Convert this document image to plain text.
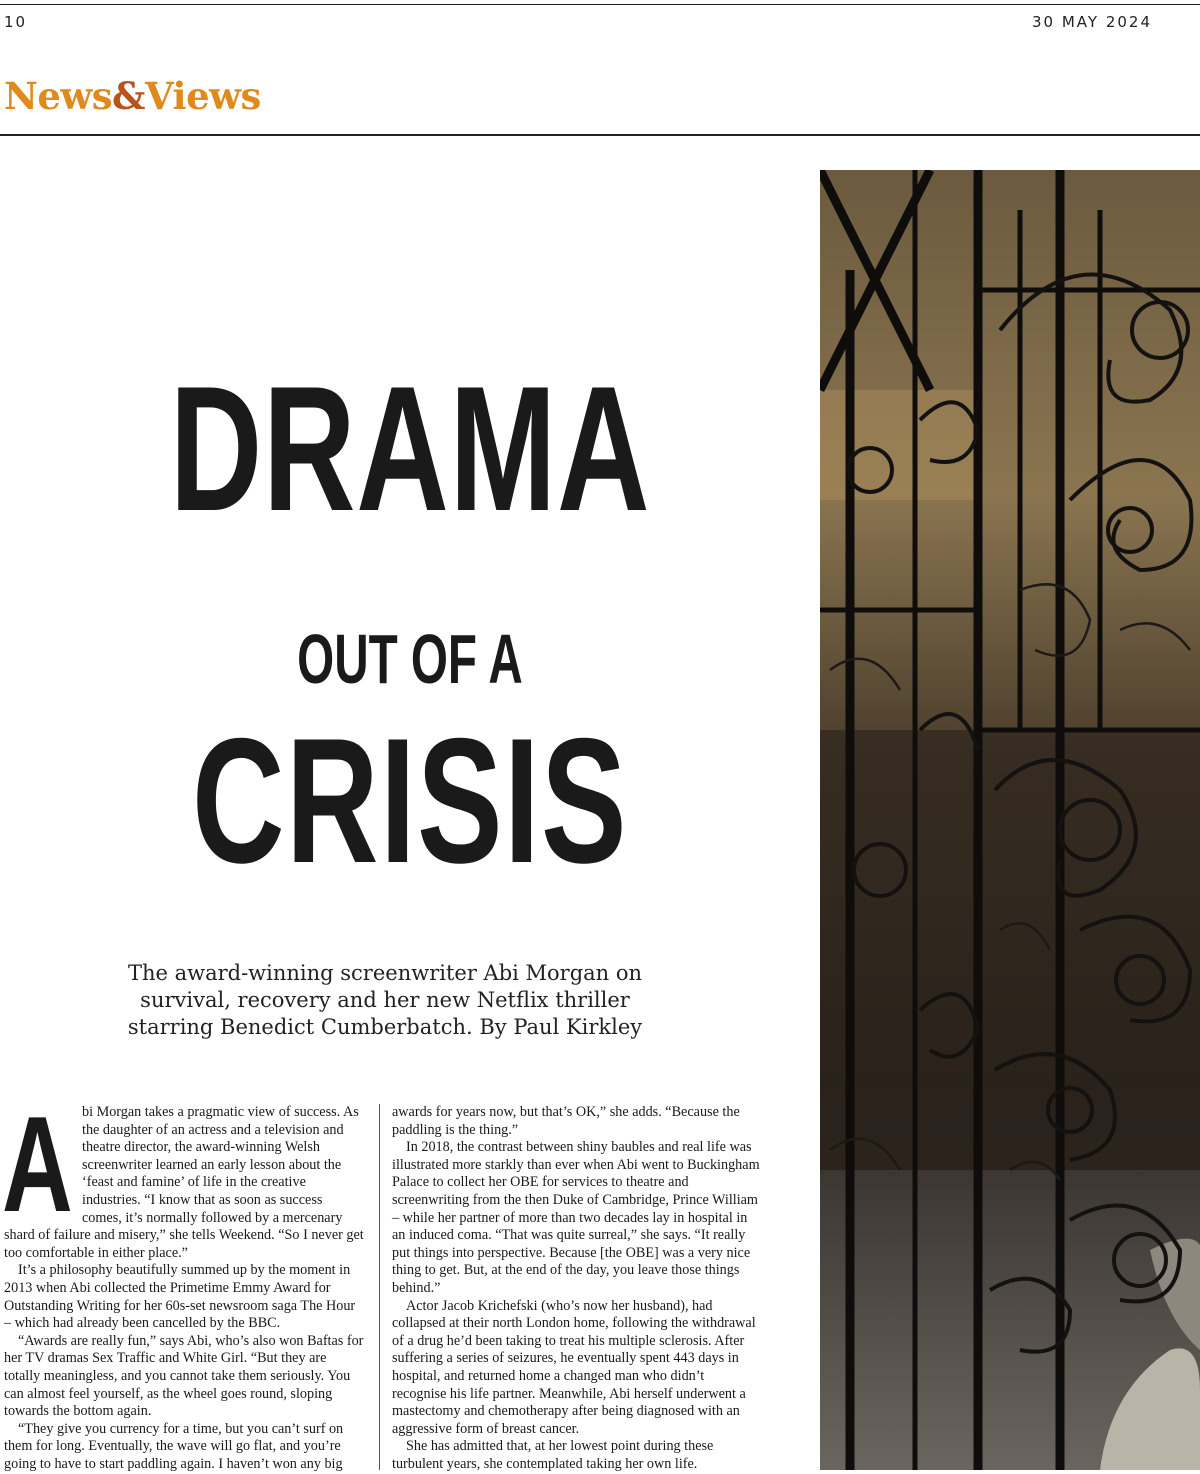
10	30 MAY 2024
News&Views
DRAMA
OUT OF A
CRISIS
The award-winning screenwriter Abi Morgan on survival, recovery and her new Netflix thriller starring Benedict Cumberbatch. By Paul Kirkley
A bi Morgan takes a pragmatic view of success. As the daughter of an actress and a television and theatre director, the award-winning Welsh screenwriter learned an early lesson about the ‘feast and famine’ of life in the creative industries. “I know that as soon as success comes, it’s normally followed by a mercenary shard of failure and misery,” she tells Weekend. “So I never get too comfortable in either place.”

It’s a philosophy beautifully summed up by the moment in 2013 when Abi collected the Primetime Emmy Award for Outstanding Writing for her 60s-set newsroom saga The Hour – which had already been cancelled by the BBC.

“Awards are really fun,” says Abi, who’s also won Baftas for her TV dramas Sex Traffic and White Girl. “But they are totally meaningless, and you cannot take them seriously. You can almost feel yourself, as the wheel goes round, sloping towards the bottom again.

“They give you currency for a time, but you can’t surf on them for long. Eventually, the wave will go flat, and you’re going to have to start paddling again. I haven’t won any big

awards for years now, but that’s OK,” she adds. “Because the paddling is the thing.”

In 2018, the contrast between shiny baubles and real life was illustrated more starkly than ever when Abi went to Buckingham Palace to collect her OBE for services to theatre and screenwriting from the then Duke of Cambridge, Prince William – while her partner of more than two decades lay in hospital in an induced coma. “That was quite surreal,” she says. “It really put things into perspective. Because [the OBE] was a very nice thing to get. But, at the end of the day, you leave those things behind.”

Actor Jacob Krichefski (who’s now her husband), had collapsed at their north London home, following the withdrawal of a drug he’d been taking to treat his multiple sclerosis. After suffering a series of seizures, he eventually spent 443 days in hospital, and returned home a changed man who didn’t recognise his life partner. Meanwhile, Abi herself underwent a mastectomy and chemotherapy after being diagnosed with an aggressive form of breast cancer.

She has admitted that, at her lowest point during these turbulent years, she contemplated taking her own life.
